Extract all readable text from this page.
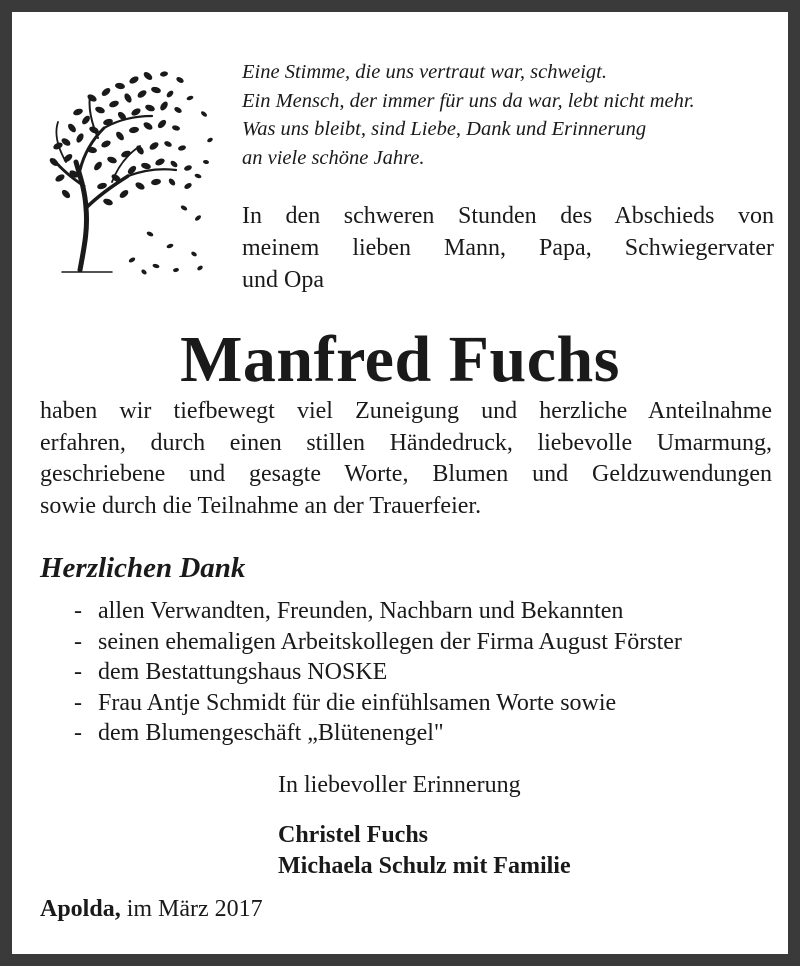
Eine Stimme, die uns vertraut war, schweigt.
Ein Mensch, der immer für uns da war, lebt nicht mehr.
Was uns bleibt, sind Liebe, Dank und Erinnerung
an viele schöne Jahre.
In den schweren Stunden des Abschieds von
meinem lieben Mann, Papa, Schwiegervater
und Opa
Manfred Fuchs
haben wir tiefbewegt viel Zuneigung und herzliche Anteilnahme
erfahren, durch einen stillen Händedruck, liebevolle Umarmung,
geschriebene und gesagte Worte, Blumen und Geldzuwendungen
sowie durch die Teilnahme an der Trauerfeier.
Herzlichen Dank
- allen Verwandten, Freunden, Nachbarn und Bekannten
- seinen ehemaligen Arbeitskollegen der Firma August Förster
- dem Bestattungshaus NOSKE
- Frau Antje Schmidt für die einfühlsamen Worte sowie
- dem Blumengeschäft „Blütenengel"
In liebevoller Erinnerung
Christel Fuchs
Michaela Schulz mit Familie
Apolda, im März 2017
